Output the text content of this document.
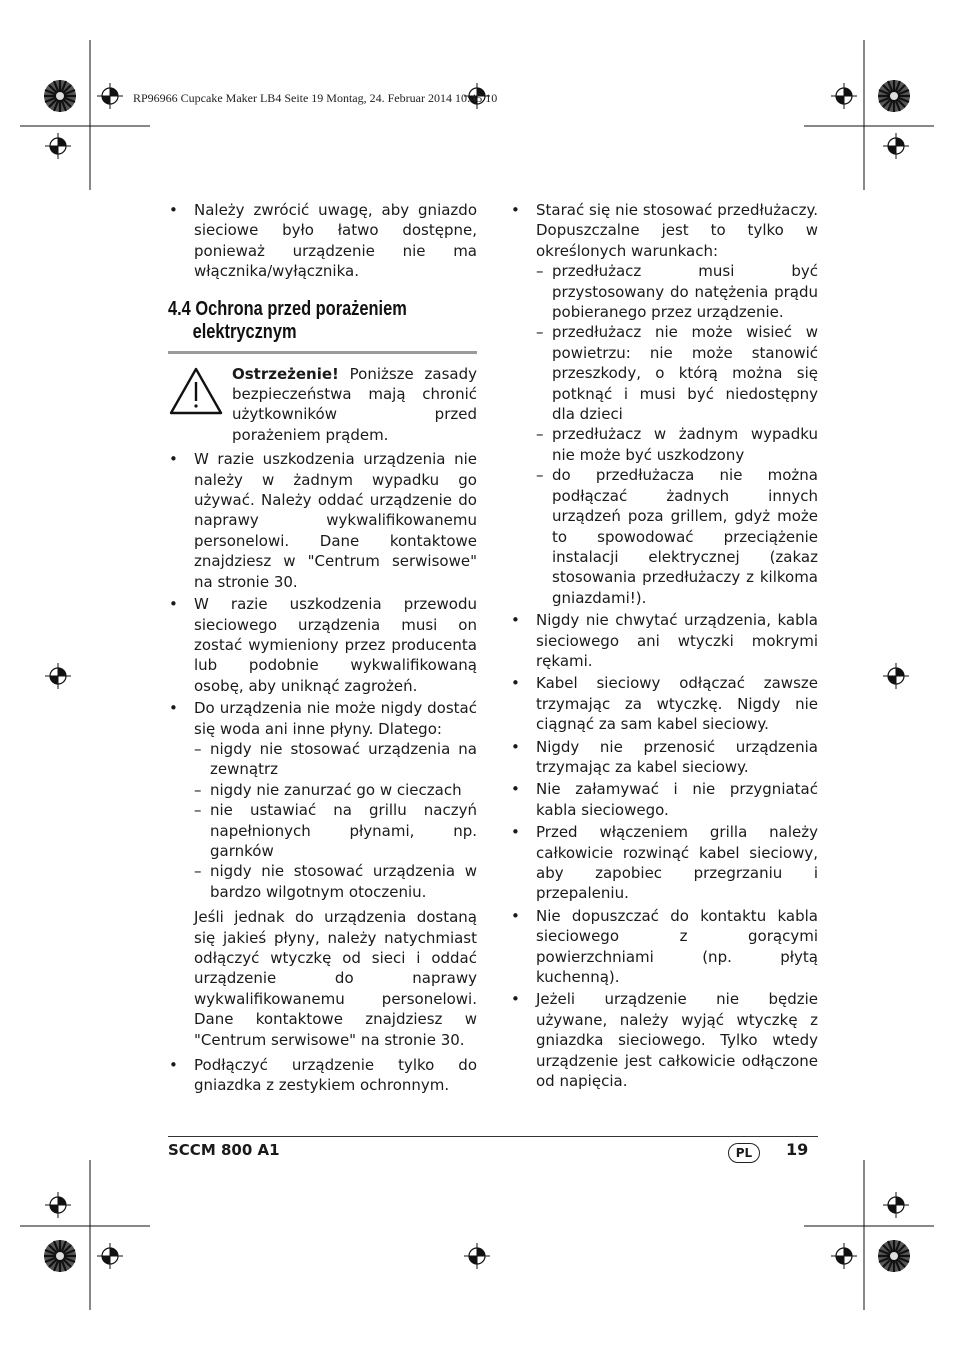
RP96966 Cupcake Maker LB4 Seite 19 Montag, 24. Februar 2014 10:45 10
• Należy zwrócić uwagę, aby gniazdo sieciowe było łatwo dostępne, ponieważ urządzenie nie ma włącznika/wyłącznika.
4.4 Ochrona przed porażeniem
elektrycznym
Ostrzeżenie! Poniższe zasady bezpieczeństwa mają chronić użytkowników przed porażeniem prądem.
• W razie uszkodzenia urządzenia nie należy w żadnym wypadku go używać. Należy oddać urządzenie do naprawy wykwalifikowanemu personelowi. Dane kontaktowe znajdziesz w "Centrum serwisowe" na stronie 30.
• W razie uszkodzenia przewodu sieciowego urządzenia musi on zostać wymieniony przez producenta lub podobnie wykwalifikowaną osobę, aby uniknąć zagrożeń.
• Do urządzenia nie może nigdy dostać się woda ani inne płyny. Dlatego:
– nigdy nie stosować urządzenia na zewnątrz
– nigdy nie zanurzać go w cieczach
– nie ustawiać na grillu naczyń napełnionych płynami, np. garnków
– nigdy nie stosować urządzenia w bardzo wilgotnym otoczeniu.
Jeśli jednak do urządzenia dostaną się jakieś płyny, należy natychmiast odłączyć wtyczkę od sieci i oddać urządzenie do naprawy wykwalifikowanemu personelowi. Dane kontaktowe znajdziesz w "Centrum serwisowe" na stronie 30.
• Podłączyć urządzenie tylko do gniazdka z zestykiem ochronnym.
• Starać się nie stosować przedłużaczy. Dopuszczalne jest to tylko w określonych warunkach:
– przedłużacz musi być przystosowany do natężenia prądu pobieranego przez urządzenie.
– przedłużacz nie może wisieć w powietrzu: nie może stanowić przeszkody, o którą można się potknąć i musi być niedostępny dla dzieci
– przedłużacz w żadnym wypadku nie może być uszkodzony
– do przedłużacza nie można podłączać żadnych innych urządzeń poza grillem, gdyż może to spowodować przeciążenie instalacji elektrycznej (zakaz stosowania przedłużaczy z kilkoma gniazdami!).
• Nigdy nie chwytać urządzenia, kabla sieciowego ani wtyczki mokrymi rękami.
• Kabel sieciowy odłączać zawsze trzymając za wtyczkę. Nigdy nie ciągnąć za sam kabel sieciowy.
• Nigdy nie przenosić urządzenia trzymając za kabel sieciowy.
• Nie załamywać i nie przygniatać kabla sieciowego.
• Przed włączeniem grilla należy całkowicie rozwinąć kabel sieciowy, aby zapobiec przegrzaniu i przepaleniu.
• Nie dopuszczać do kontaktu kabla sieciowego z gorącymi powierzchniami (np. płytą kuchenną).
• Jeżeli urządzenie nie będzie używane, należy wyjąć wtyczkę z gniazdka sieciowego. Tylko wtedy urządzenie jest całkowicie odłączone od napięcia.
SCCM 800 A1	PL	19
